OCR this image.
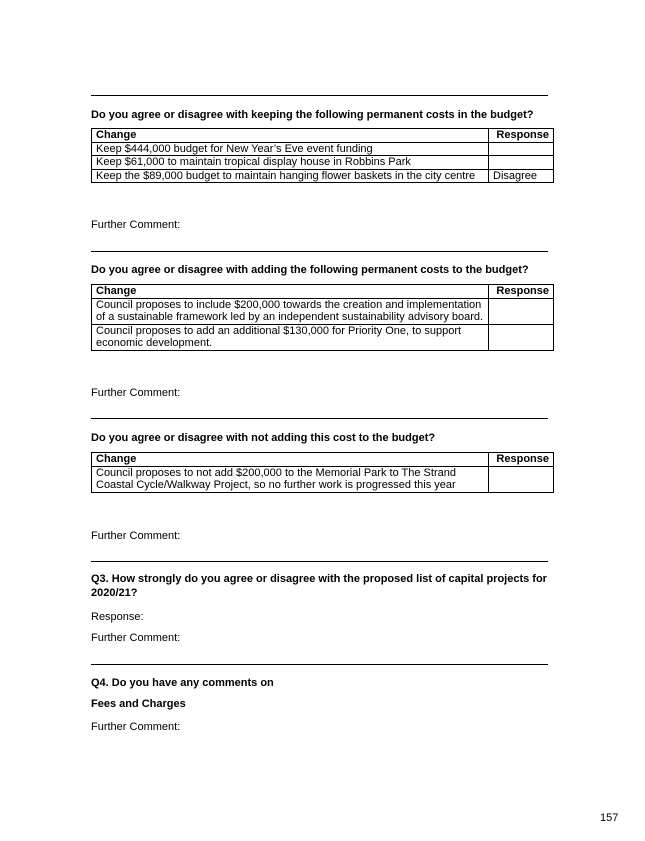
Do you agree or disagree with keeping the following permanent costs in the budget?
Change	Response
Keep $444,000 budget for New Year’s Eve event funding	
Keep $61,000 to maintain tropical display house in Robbins Park	
Keep the $89,000 budget to maintain hanging flower baskets in the city centre	Disagree
Further Comment:
Do you agree or disagree with adding the following permanent costs to the budget?
Change	Response
Council proposes to include $200,000 towards the creation and implementation of a sustainable framework led by an independent sustainability advisory board.	
Council proposes to add an additional $130,000 for Priority One, to support economic development.	
Further Comment:
Do you agree or disagree with not adding this cost to the budget?
Change	Response
Council proposes to not add $200,000 to the Memorial Park to The Strand Coastal Cycle/Walkway Project, so no further work is progressed this year	
Further Comment:
Q3. How strongly do you agree or disagree with the proposed list of capital projects for 2020/21?
Response:
Further Comment:
Q4. Do you have any comments on
Fees and Charges
Further Comment:
157
